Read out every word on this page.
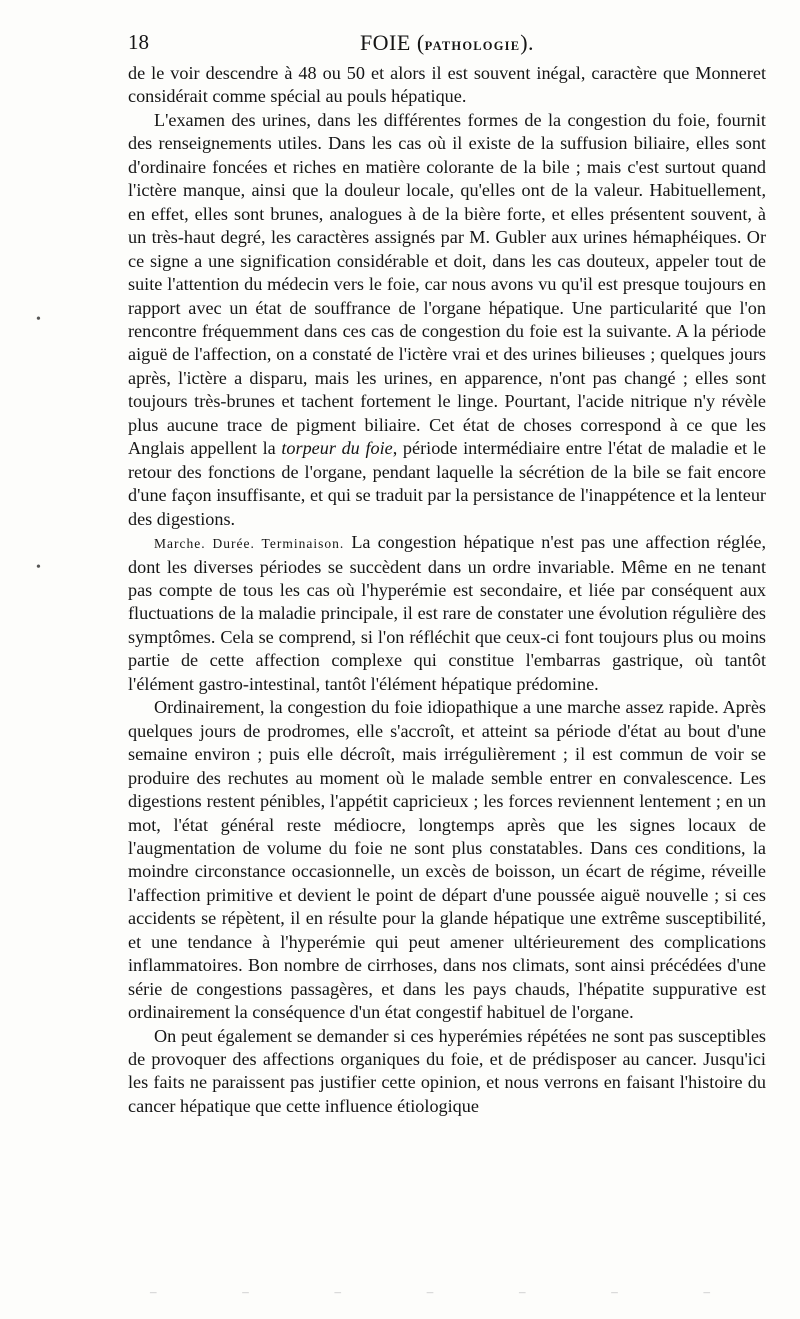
18	FOIE (PATHOLOGIE).

de le voir descendre à 48 ou 50 et alors il est souvent inégal, caractère que Monneret considérait comme spécial au pouls hépatique.

L'examen des urines, dans les différentes formes de la congestion du foie, fournit des renseignements utiles. Dans les cas où il existe de la suffusion biliaire, elles sont d'ordinaire foncées et riches en matière colorante de la bile ; mais c'est surtout quand l'ictère manque, ainsi que la douleur locale, qu'elles ont de la valeur. Habituellement, en effet, elles sont brunes, analogues à de la bière forte, et elles présentent souvent, à un très-haut degré, les caractères assignés par M. Gubler aux urines hémaphéiques. Or ce signe a une signification considérable et doit, dans les cas douteux, appeler tout de suite l'attention du médecin vers le foie, car nous avons vu qu'il est presque toujours en rapport avec un état de souffrance de l'organe hépatique. Une particularité que l'on rencontre fréquemment dans ces cas de congestion du foie est la suivante. A la période aiguë de l'affection, on a constaté de l'ictère vrai et des urines bilieuses ; quelques jours après, l'ictère a disparu, mais les urines, en apparence, n'ont pas changé ; elles sont toujours très-brunes et tachent fortement le linge. Pourtant, l'acide nitrique n'y révèle plus aucune trace de pigment biliaire. Cet état de choses correspond à ce que les Anglais appellent la torpeur du foie, période intermédiaire entre l'état de maladie et le retour des fonctions de l'organe, pendant laquelle la sécrétion de la bile se fait encore d'une façon insuffisante, et qui se traduit par la persistance de l'inappétence et la lenteur des digestions.

Marche. Durée. Terminaison. La congestion hépatique n'est pas une affection réglée, dont les diverses périodes se succèdent dans un ordre invariable. Même en ne tenant pas compte de tous les cas où l'hyperémie est secondaire, et liée par conséquent aux fluctuations de la maladie principale, il est rare de constater une évolution régulière des symptômes. Cela se comprend, si l'on réfléchit que ceux-ci font toujours plus ou moins partie de cette affection complexe qui constitue l'embarras gastrique, où tantôt l'élément gastro-intestinal, tantôt l'élément hépatique prédomine.

Ordinairement, la congestion du foie idiopathique a une marche assez rapide. Après quelques jours de prodromes, elle s'accroît, et atteint sa période d'état au bout d'une semaine environ ; puis elle décroît, mais irrégulièrement ; il est commun de voir se produire des rechutes au moment où le malade semble entrer en convalescence. Les digestions restent pénibles, l'appétit capricieux ; les forces reviennent lentement ; en un mot, l'état général reste médiocre, longtemps après que les signes locaux de l'augmentation de volume du foie ne sont plus constatables. Dans ces conditions, la moindre circonstance occasionnelle, un excès de boisson, un écart de régime, réveille l'affection primitive et devient le point de départ d'une poussée aiguë nouvelle ; si ces accidents se répètent, il en résulte pour la glande hépatique une extrême susceptibilité, et une tendance à l'hyperémie qui peut amener ultérieurement des complications inflammatoires. Bon nombre de cirrhoses, dans nos climats, sont ainsi précédées d'une série de congestions passagères, et dans les pays chauds, l'hépatite suppurative est ordinairement la conséquence d'un état congestif habituel de l'organe.

On peut également se demander si ces hyperémies répétées ne sont pas susceptibles de provoquer des affections organiques du foie, et de prédisposer au cancer. Jusqu'ici les faits ne paraissent pas justifier cette opinion, et nous verrons en faisant l'histoire du cancer hépatique que cette influence étiologique

•
•
–	–	–	–	–	–	–
